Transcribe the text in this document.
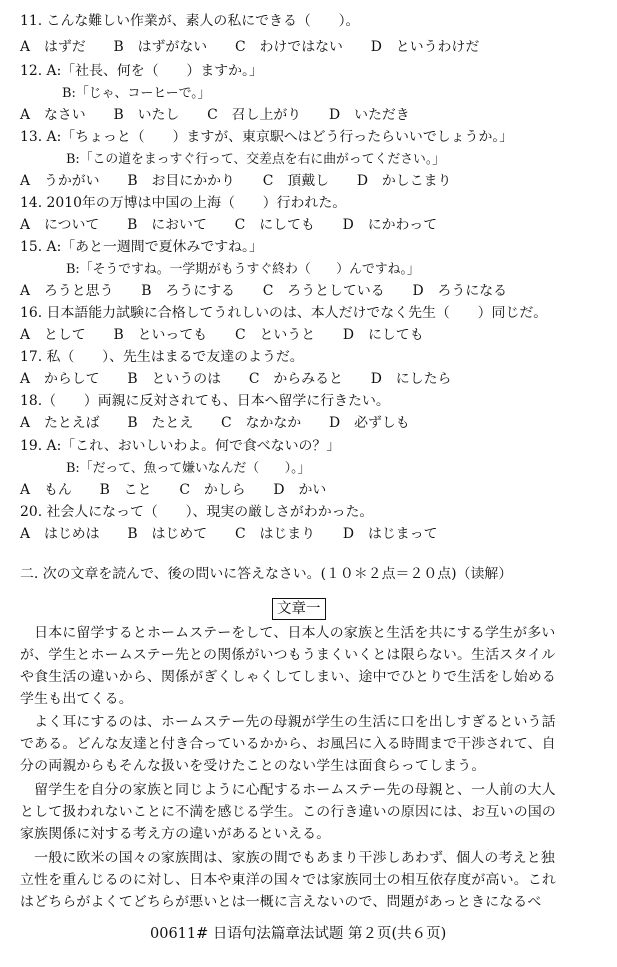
11. こんな難しい作業が、素人の私にできる（　　）。
A　はずだ　　B　はずがない　　C　わけではない　　D　というわけだ
12. A:「社長、何を（　　）ますか。」
B:「じゃ、コーヒーで。」
A　なさい　　B　いたし　　C　召し上がり　　D　いただき
13. A:「ちょっと（　　）ますが、東京駅へはどう行ったらいいでしょうか。」
B:「この道をまっすぐ行って、交差点を右に曲がってください。」
A　うかがい　　B　お目にかかり　　C　頂戴し　　D　かしこまり
14. 2010年の万博は中国の上海（　　）行われた。
A　について　　B　において　　C　にしても　　D　にかわって
15. A:「あと一週間で夏休みですね。」
B:「そうですね。一学期がもうすぐ終わ（　　）んですね。」
A　ろうと思う　　B　ろうにする　　C　ろうとしている　　D　ろうになる
16. 日本語能力試験に合格してうれしいのは、本人だけでなく先生（　　）同じだ。
A　として　　B　といっても　　C　というと　　D　にしても
17. 私（　　）、先生はまるで友達のようだ。
A　からして　　B　というのは　　C　からみると　　D　にしたら
18.（　　）両親に反対されても、日本へ留学に行きたい。
A　たとえば　　B　たとえ　　C　なかなか　　D　必ずしも
19. A:「これ、おいしいわよ。何で食べないの？」
B:「だって、魚って嫌いなんだ（　　）。」
A　もん　　B　こと　　C　かしら　　D　かい
20. 社会人になって（　　）、現実の厳しさがわかった。
A　はじめは　　B　はじめて　　C　はじまり　　D　はじまって
二. 次の文章を読んで、後の問いに答えなさい。(１０＊２点＝２０点)（读解）
文章一
　日本に留学するとホームステーをして、日本人の家族と生活を共にする学生が多い
が、学生とホームステー先との関係がいつもうまくいくとは限らない。生活スタイル
や食生活の違いから、関係がぎくしゃくしてしまい、途中でひとりで生活をし始める
学生も出てくる。
　よく耳にするのは、ホームステー先の母親が学生の生活に口を出しすぎるという話
である。どんな友達と付き合っているかから、お風呂に入る時間まで干渉されて、自
分の両親からもそんな扱いを受けたことのない学生は面食らってしまう。
　留学生を自分の家族と同じように心配するホームステー先の母親と、一人前の大人
として扱われないことに不満を感じる学生。この行き違いの原因には、お互いの国の
家族関係に対する考え方の違いがあるといえる。
　一般に欧米の国々の家族間は、家族の間でもあまり干渉しあわず、個人の考えと独
立性を重んじるのに対し、日本や東洋の国々では家族同士の相互依存度が高い。これ
はどちらがよくてどちらが悪いとは一概に言えないので、問題があっときになるべ
00611# 日语句法篇章法试题 第２页(共６页)
